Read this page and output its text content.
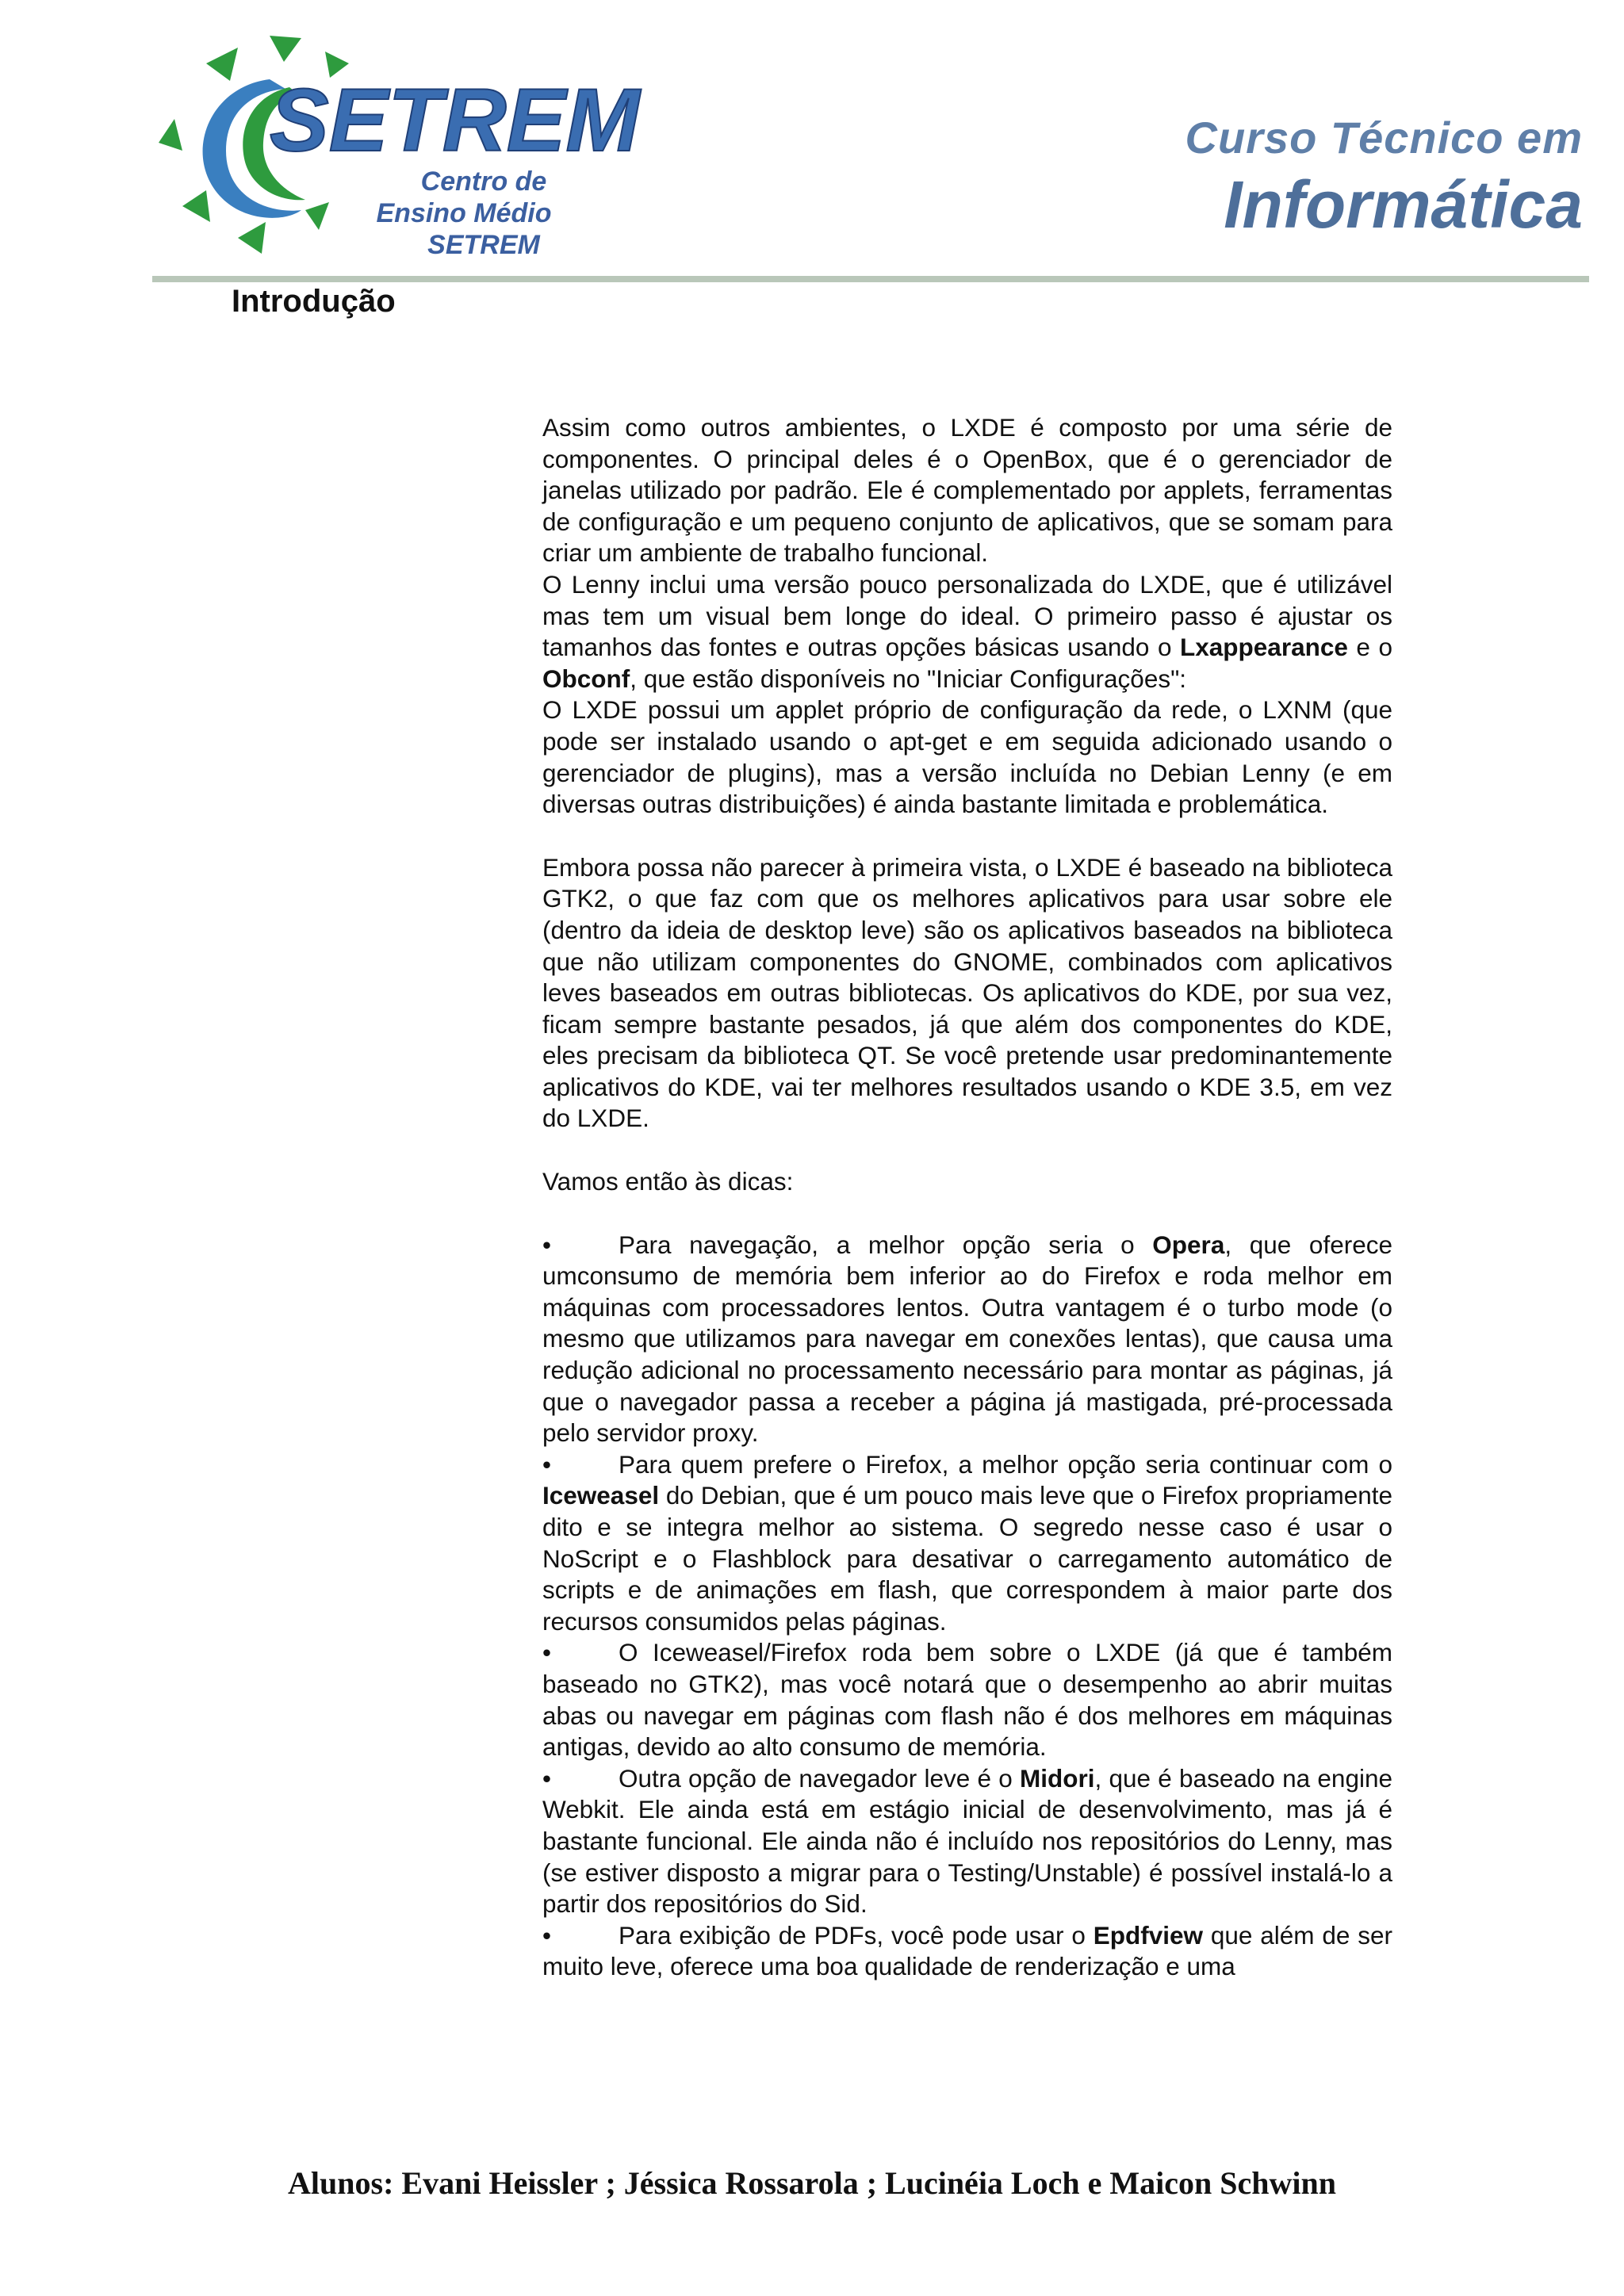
SETREM
Centro de
Ensino Médio
SETREM
Curso Técnico em
Informática
Introdução

Assim como outros ambientes, o LXDE é composto por uma série de componentes. O principal deles é o OpenBox, que é o gerenciador de janelas utilizado por padrão. Ele é complementado por applets, ferramentas de configuração e um pequeno conjunto de aplicativos, que se somam para criar um ambiente de trabalho funcional.

O Lenny inclui uma versão pouco personalizada do LXDE, que é utilizável mas tem um visual bem longe do ideal. O primeiro passo é ajustar os tamanhos das fontes e outras opções básicas usando o Lxappearance e o Obconf, que estão disponíveis no "Iniciar Configurações":

O LXDE possui um applet próprio de configuração da rede, o LXNM (que pode ser instalado usando o apt-get e em seguida adicionado usando o gerenciador de plugins), mas a versão incluída no Debian Lenny (e em diversas outras distribuições) é ainda bastante limitada e problemática.

Embora possa não parecer à primeira vista, o LXDE é baseado na biblioteca GTK2, o que faz com que os melhores aplicativos para usar sobre ele (dentro da ideia de desktop leve) são os aplicativos baseados na biblioteca que não utilizam componentes do GNOME, combinados com aplicativos leves baseados em outras bibliotecas. Os aplicativos do KDE, por sua vez, ficam sempre bastante pesados, já que além dos componentes do KDE, eles precisam da biblioteca QT. Se você pretende usar predominantemente aplicativos do KDE, vai ter melhores resultados usando o KDE 3.5, em vez do LXDE.

Vamos então às dicas:

•	Para navegação, a melhor opção seria o Opera, que oferece umconsumo de memória bem inferior ao do Firefox e roda melhor em máquinas com processadores lentos. Outra vantagem é o turbo mode (o mesmo que utilizamos para navegar em conexões lentas), que causa uma redução adicional no processamento necessário para montar as páginas, já que o navegador passa a receber a página já mastigada, pré-processada pelo servidor proxy.

•	Para quem prefere o Firefox, a melhor opção seria continuar com o Iceweasel do Debian, que é um pouco mais leve que o Firefox propriamente dito e se integra melhor ao sistema. O segredo nesse caso é usar o NoScript e o Flashblock para desativar o carregamento automático de scripts e de animações em flash, que correspondem à maior parte dos recursos consumidos pelas páginas.

•	O Iceweasel/Firefox roda bem sobre o LXDE (já que é também baseado no GTK2), mas você notará que o desempenho ao abrir muitas abas ou navegar em páginas com flash não é dos melhores em máquinas antigas, devido ao alto consumo de memória.

•	Outra opção de navegador leve é o Midori, que é baseado na engine Webkit. Ele ainda está em estágio inicial de desenvolvimento, mas já é bastante funcional. Ele ainda não é incluído nos repositórios do Lenny, mas (se estiver disposto a migrar para o Testing/Unstable) é possível instalá-lo a partir dos repositórios do Sid.

•	Para exibição de PDFs, você pode usar o Epdfview que além de ser muito leve, oferece uma boa qualidade de renderização e uma

Alunos: Evani Heissler ; Jéssica Rossarola ; Lucinéia Loch e Maicon Schwinn
